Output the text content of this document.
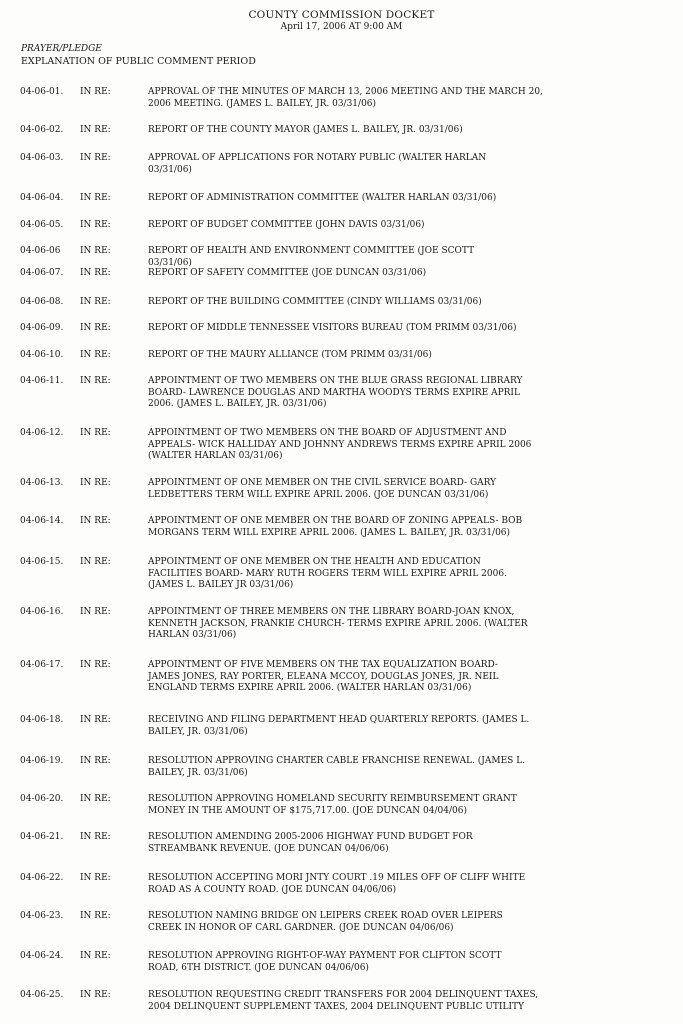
COUNTY COMMISSION DOCKET
April 17, 2006 AT 9:00 AM
PRAYER/PLEDGE
EXPLANATION OF PUBLIC COMMENT PERIOD
04-06-01.	IN RE:	APPROVAL OF THE MINUTES OF MARCH 13, 2006 MEETING AND THE MARCH 20,
2006 MEETING. (JAMES L. BAILEY, JR. 03/31/06)
04-06-02.	IN RE:	REPORT OF THE COUNTY MAYOR (JAMES L. BAILEY, JR. 03/31/06)
04-06-03.	IN RE:	APPROVAL OF APPLICATIONS FOR NOTARY PUBLIC (WALTER HARLAN
03/31/06)
04-06-04.	IN RE:	REPORT OF ADMINISTRATION COMMITTEE (WALTER HARLAN 03/31/06)
04-06-05.	IN RE:	REPORT OF BUDGET COMMITTEE (JOHN DAVIS 03/31/06)
04-06-06	IN RE:	REPORT OF HEALTH AND ENVIRONMENT COMMITTEE (JOE SCOTT
03/31/06)
04-06-07.	IN RE:	REPORT OF SAFETY COMMITTEE (JOE DUNCAN 03/31/06)
04-06-08.	IN RE:	REPORT OF THE BUILDING COMMITTEE (CINDY WILLIAMS 03/31/06)
04-06-09.	IN RE:	REPORT OF MIDDLE TENNESSEE VISITORS BUREAU (TOM PRIMM 03/31/06)
04-06-10.	IN RE:	REPORT OF THE MAURY ALLIANCE (TOM PRIMM 03/31/06)
04-06-11.	IN RE:	APPOINTMENT OF TWO MEMBERS ON THE BLUE GRASS REGIONAL LIBRARY
BOARD- LAWRENCE DOUGLAS AND MARTHA WOODYS TERMS EXPIRE APRIL
2006. (JAMES L. BAILEY, JR. 03/31/06)
04-06-12.	IN RE:	APPOINTMENT OF TWO MEMBERS ON THE BOARD OF ADJUSTMENT AND
APPEALS- WICK HALLIDAY AND JOHNNY ANDREWS TERMS EXPIRE APRIL 2006
(WALTER HARLAN 03/31/06)
04-06-13.	IN RE:	APPOINTMENT OF ONE MEMBER ON THE CIVIL SERVICE BOARD- GARY
LEDBETTERS TERM WILL EXPIRE APRIL 2006. (JOE DUNCAN 03/31/06)
04-06-14.	IN RE:	APPOINTMENT OF ONE MEMBER ON THE BOARD OF ZONING APPEALS- BOB
MORGANS TERM WILL EXPIRE APRIL 2006. (JAMES L. BAILEY, JR. 03/31/06)
04-06-15.	IN RE:	APPOINTMENT OF ONE MEMBER ON THE HEALTH AND EDUCATION
FACILITIES BOARD- MARY RUTH ROGERS TERM WILL EXPIRE APRIL 2006.
(JAMES L. BAILEY JR 03/31/06)
04-06-16.	IN RE:	APPOINTMENT OF THREE MEMBERS ON THE LIBRARY BOARD-JOAN KNOX,
KENNETH JACKSON, FRANKIE CHURCH- TERMS EXPIRE APRIL 2006. (WALTER
HARLAN 03/31/06)
04-06-17.	IN RE:	APPOINTMENT OF FIVE MEMBERS ON THE TAX EQUALIZATION BOARD-
JAMES JONES, RAY PORTER, ELEANA MCCOY, DOUGLAS JONES, JR. NEIL
ENGLAND TERMS EXPIRE APRIL 2006. (WALTER HARLAN 03/31/06)
04-06-18.	IN RE:	RECEIVING AND FILING DEPARTMENT HEAD QUARTERLY REPORTS. (JAMES L.
BAILEY, JR. 03/31/06)
04-06-19.	IN RE:	RESOLUTION APPROVING CHARTER CABLE FRANCHISE RENEWAL. (JAMES L.
BAILEY, JR. 03/31/06)
04-06-20.	IN RE:	RESOLUTION APPROVING HOMELAND SECURITY REIMBURSEMENT GRANT
MONEY IN THE AMOUNT OF $175,717.00. (JOE DUNCAN 04/04/06)
04-06-21.	IN RE:	RESOLUTION AMENDING 2005-2006 HIGHWAY FUND BUDGET FOR
STREAMBANK REVENUE. (JOE DUNCAN 04/06/06)
04-06-22.	IN RE:	RESOLUTION ACCEPTING MORI JNTY COURT .19 MILES OFF OF CLIFF WHITE
ROAD AS A COUNTY ROAD. (JOE DUNCAN 04/06/06)
04-06-23.	IN RE:	RESOLUTION NAMING BRIDGE ON LEIPERS CREEK ROAD OVER LEIPERS
CREEK IN HONOR OF CARL GARDNER. (JOE DUNCAN 04/06/06)
04-06-24.	IN RE:	RESOLUTION APPROVING RIGHT-OF-WAY PAYMENT FOR CLIFTON SCOTT
ROAD, 6TH DISTRICT. (JOE DUNCAN 04/06/06)
04-06-25.	IN RE:	RESOLUTION REQUESTING CREDIT TRANSFERS FOR 2004 DELINQUENT TAXES,
2004 DELINQUENT SUPPLEMENT TAXES, 2004 DELINQUENT PUBLIC UTILITY
